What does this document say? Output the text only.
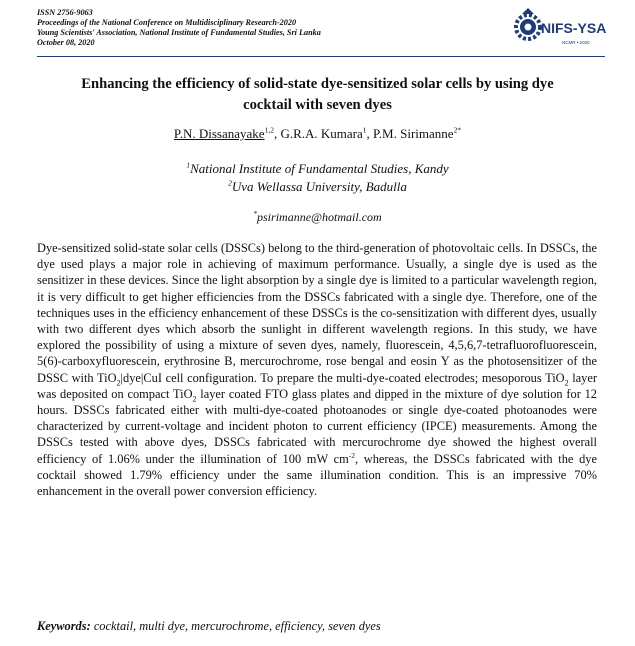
ISSN 2756-9063
Proceedings of the National Conference on Multidisciplinary Research-2020
Young Scientists' Association, National Institute of Fundamental Studies, Sri Lanka
October 08, 2020
NIFS-YSA
NCMR • 2020
Enhancing the efficiency of solid-state dye-sensitized solar cells by using dye
cocktail with seven dyes
P.N. Dissanayake$^{1,2}$, G.R.A. Kumara$^1$, P.M. Sirimanne$^{2*}$
$^1$National Institute of Fundamental Studies, Kandy
$^2$Uva Wellassa University, Badulla
*psirimanne@hotmail.com
Dye-sensitized solid-state solar cells (DSSCs) belong to the third-generation of photovoltaic cells. In DSSCs, the dye used plays a major role in achieving of maximum performance. Usually, a single dye is used as the sensitizer in these devices. Since the light absorption by a single dye is limited to a particular wavelength region, it is very difficult to get higher efficiencies from the DSSCs fabricated with a single dye. Therefore, one of the techniques uses in the efficiency enhancement of these DSSCs is the co-sensitization with different dyes, usually with two different dyes which absorb the sunlight in different wavelength regions. In this study, we have explored the possibility of using a mixture of seven dyes, namely, fluorescein, 4,5,6,7-tetrafluorofluorescein, 5(6)-carboxyfluorescein, erythrosine B, mercurochrome, rose bengal and eosin Y as the photosensitizer of the DSSC with TiO$_2$|dye|CuI cell configuration. To prepare the multi-dye-coated electrodes; mesoporous TiO$_2$ layer was deposited on compact TiO$_2$ layer coated FTO glass plates and dipped in the mixture of dye solution for 12 hours. DSSCs fabricated either with multi-dye-coated photoanodes or single dye-coated photoanodes were characterized by current-voltage and incident photon to current efficiency (IPCE) measurements. Among the DSSCs tested with above dyes, DSSCs fabricated with mercurochrome dye showed the highest overall efficiency of 1.06% under the illumination of 100 mW $cm^{-2}$, whereas, the DSSCs fabricated with the dye cocktail showed 1.79% efficiency under the same illumination condition. This is an impressive 70% enhancement in the overall power conversion efficiency.
Keywords: cocktail, multi dye, mercurochrome, efficiency, seven dyes
